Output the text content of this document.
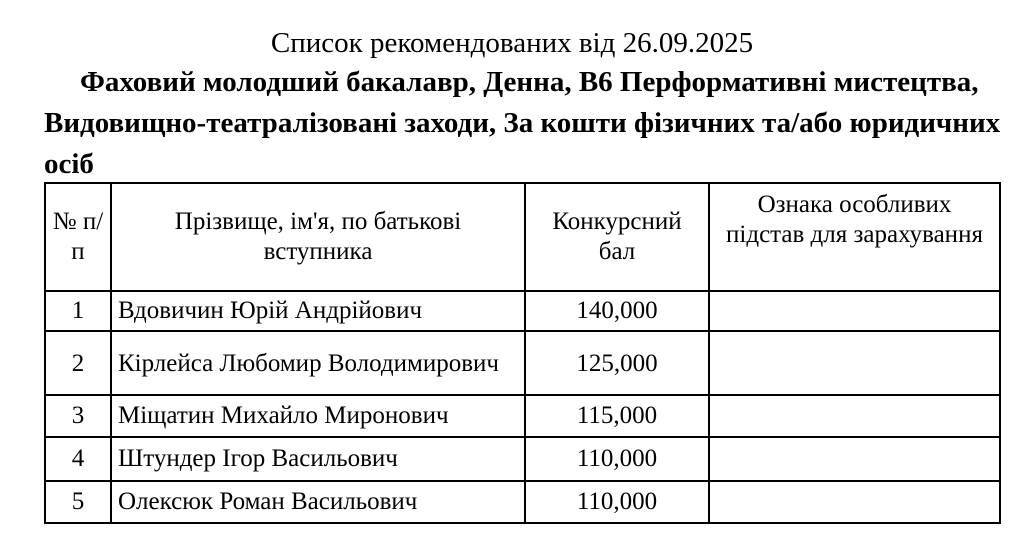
Список рекомендованих від 26.09.2025
Фаховий молодший бакалавр, Денна, B6 Перформативні мистецтва, Видовищно-театралізовані заходи, За кошти фізичних та/або юридичних осіб
№ п/п	Прізвище, ім'я, по батькові вступника	Конкурсний бал	Ознака особливих підстав для зарахування
1	Вдовичин Юрій Андрійович	140,000	
2	Кірлейса Любомир Володимирович	125,000	
3	Міщатин Михайло Миронович	115,000	
4	Штундер Ігор Васильович	110,000	
5	Олексюк Роман Васильович	110,000	
